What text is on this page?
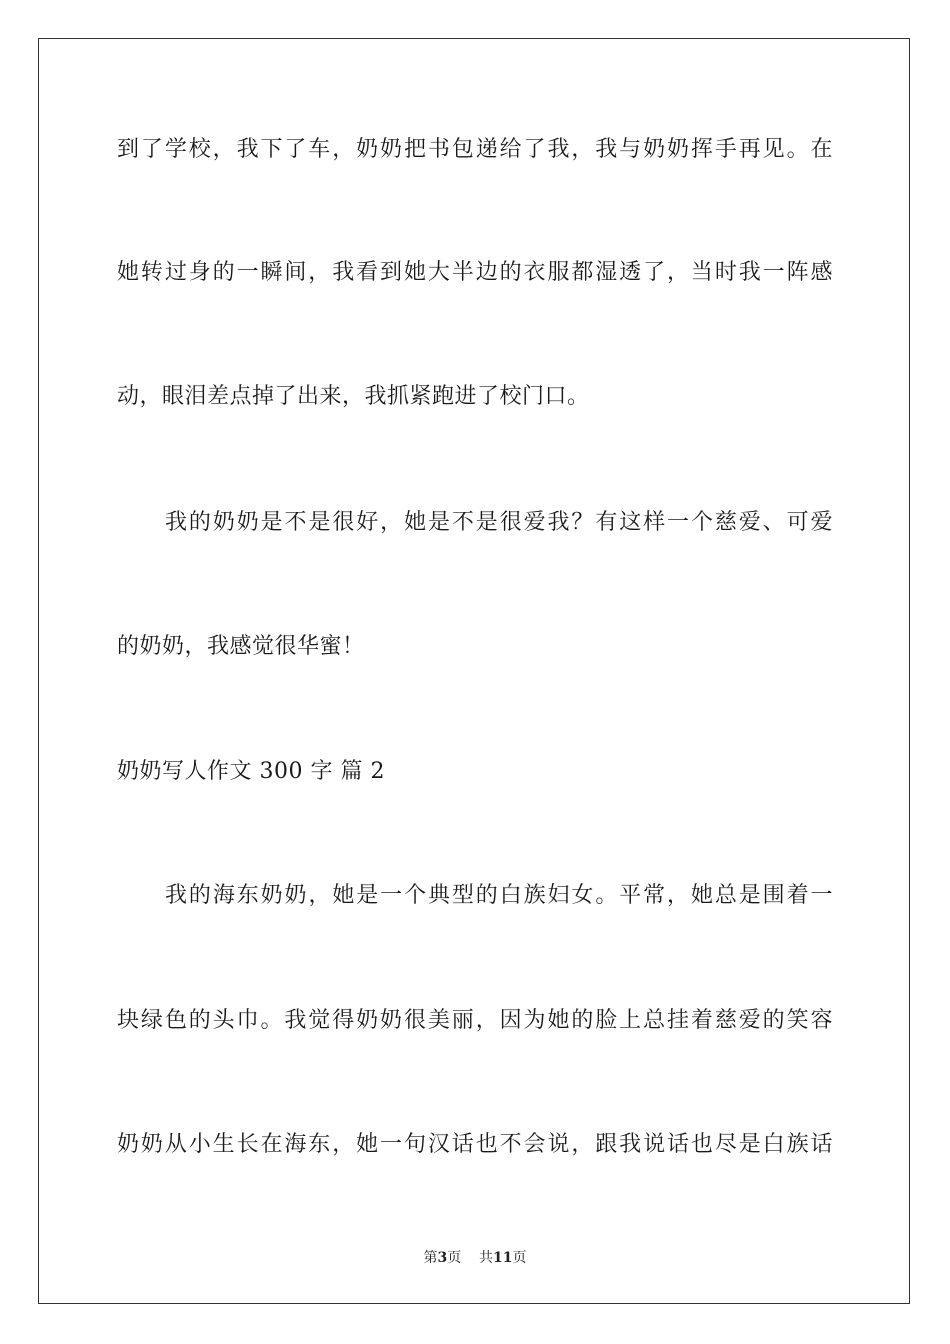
到了学校，我下了车，奶奶把书包递给了我，我与奶奶挥手再见。在
她转过身的一瞬间，我看到她大半边的衣服都湿透了，当时我一阵感
动，眼泪差点掉了出来，我抓紧跑进了校门口。
我的奶奶是不是很好，她是不是很爱我？有这样一个慈爱、可爱
的奶奶，我感觉很华蜜！
奶奶写人作文 300 字 篇 2
我的海东奶奶，她是一个典型的白族妇女。平常，她总是围着一
块绿色的头巾。我觉得奶奶很美丽，因为她的脸上总挂着慈爱的笑容
奶奶从小生长在海东，她一句汉话也不会说，跟我说话也尽是白族话
第3页    共11页
